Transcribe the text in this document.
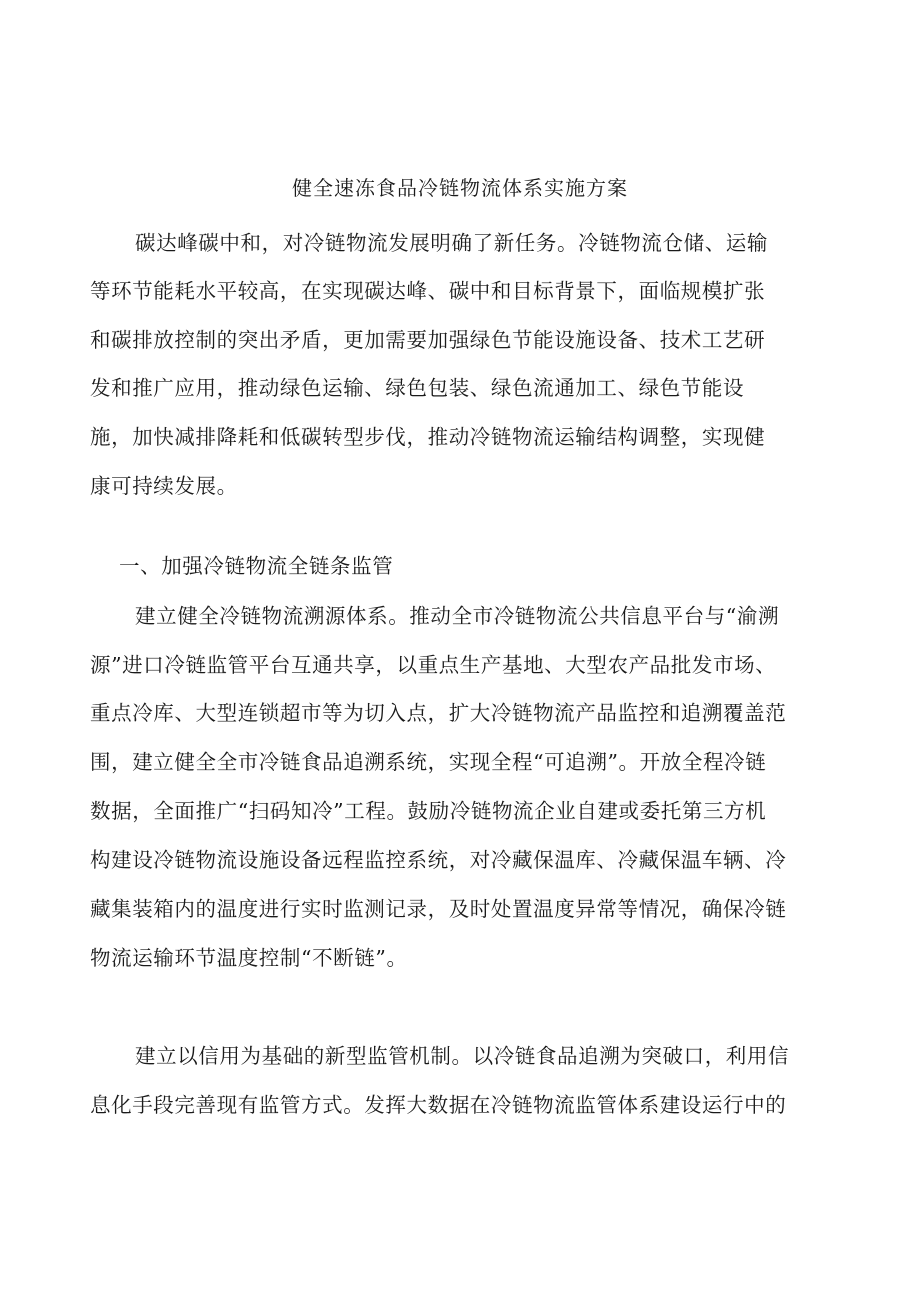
健全速冻食品冷链物流体系实施方案
碳达峰碳中和，对冷链物流发展明确了新任务。冷链物流仓储、运输
等环节能耗水平较高，在实现碳达峰、碳中和目标背景下，面临规模扩张
和碳排放控制的突出矛盾，更加需要加强绿色节能设施设备、技术工艺研
发和推广应用，推动绿色运输、绿色包装、绿色流通加工、绿色节能设
施，加快减排降耗和低碳转型步伐，推动冷链物流运输结构调整，实现健
康可持续发展。
一、加强冷链物流全链条监管
建立健全冷链物流溯源体系。推动全市冷链物流公共信息平台与“渝溯
源”进口冷链监管平台互通共享，以重点生产基地、大型农产品批发市场、
重点冷库、大型连锁超市等为切入点，扩大冷链物流产品监控和追溯覆盖范
围，建立健全全市冷链食品追溯系统，实现全程“可追溯”。开放全程冷链
数据，全面推广“扫码知冷”工程。鼓励冷链物流企业自建或委托第三方机
构建设冷链物流设施设备远程监控系统，对冷藏保温库、冷藏保温车辆、冷
藏集装箱内的温度进行实时监测记录，及时处置温度异常等情况，确保冷链
物流运输环节温度控制“不断链”。
建立以信用为基础的新型监管机制。以冷链食品追溯为突破口，利用信
息化手段完善现有监管方式。发挥大数据在冷链物流监管体系建设运行中的
